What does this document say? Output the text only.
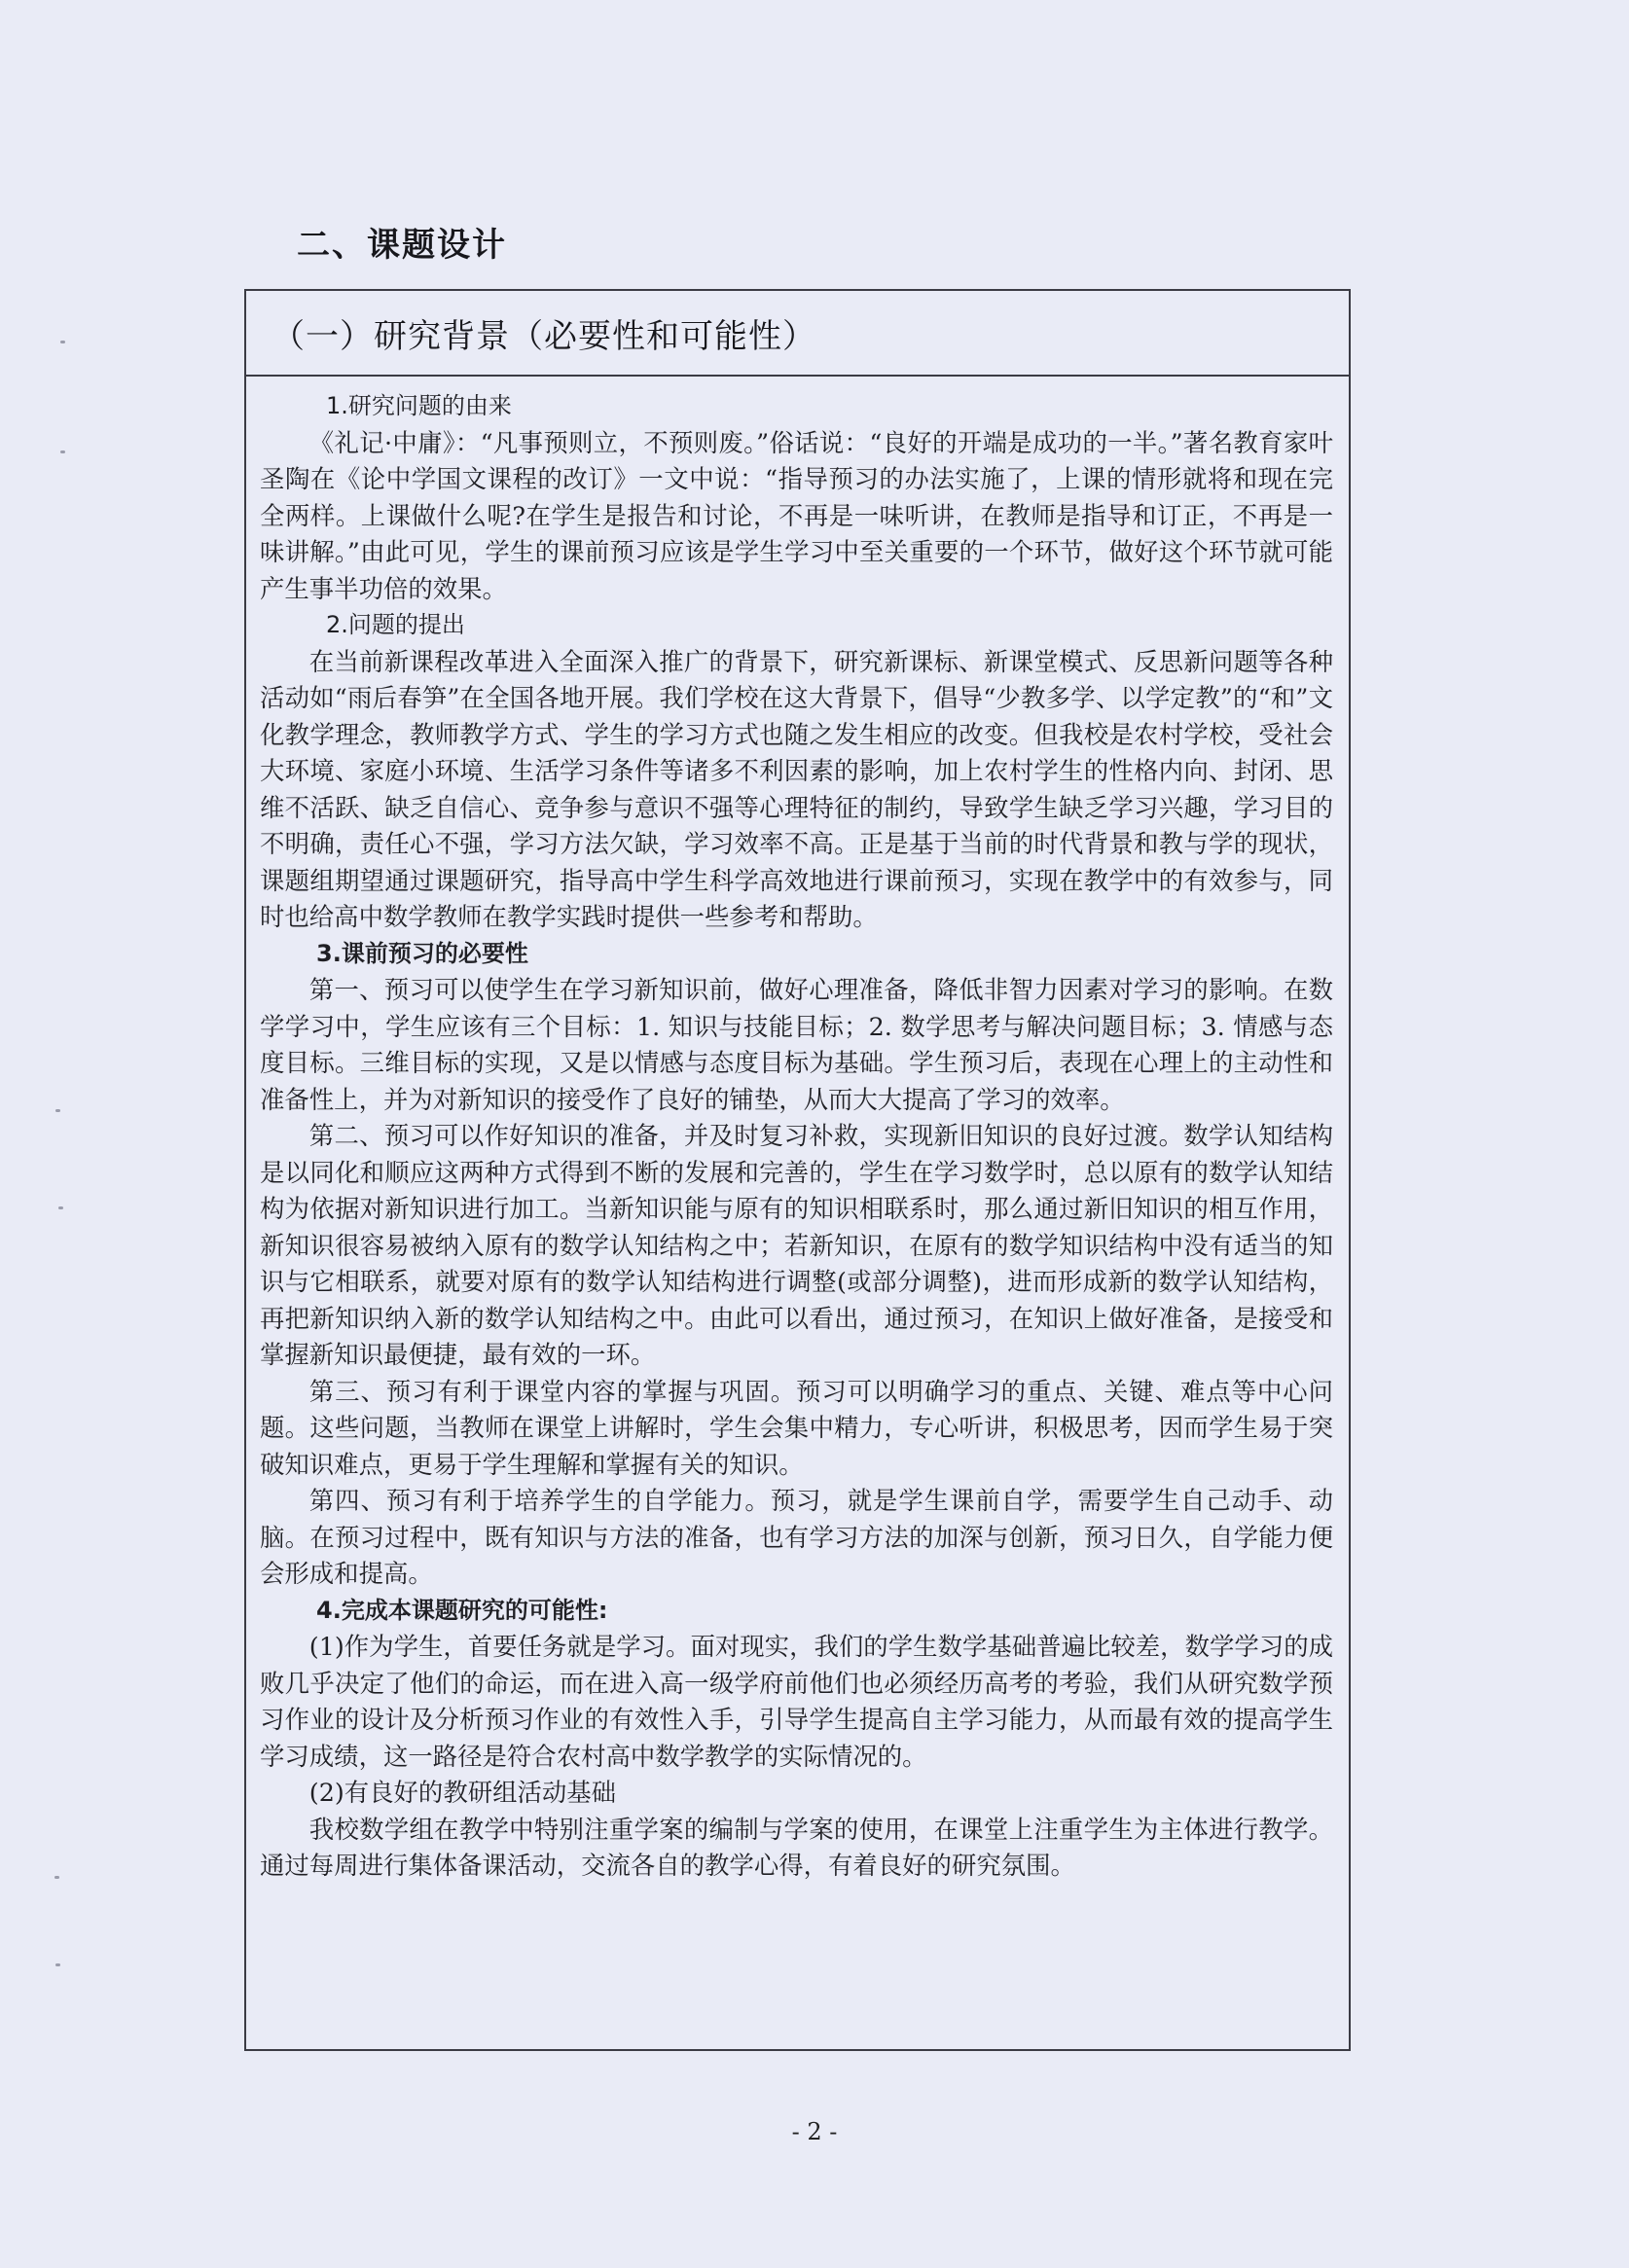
二、课题设计
（一）研究背景（必要性和可能性）

1.研究问题的由来

《礼记·中庸》：“凡事预则立，不预则废。”俗话说：“良好的开端是成功的一半。”著名教育家叶圣陶在《论中学国文课程的改订》一文中说：“指导预习的办法实施了，上课的情形就将和现在完全两样。上课做什么呢?在学生是报告和讨论，不再是一味听讲，在教师是指导和订正，不再是一味讲解。”由此可见，学生的课前预习应该是学生学习中至关重要的一个环节，做好这个环节就可能产生事半功倍的效果。

2.问题的提出

在当前新课程改革进入全面深入推广的背景下，研究新课标、新课堂模式、反思新问题等各种活动如“雨后春笋”在全国各地开展。我们学校在这大背景下，倡导“少教多学、以学定教”的“和”文化教学理念，教师教学方式、学生的学习方式也随之发生相应的改变。但我校是农村学校，受社会大环境、家庭小环境、生活学习条件等诸多不利因素的影响，加上农村学生的性格内向、封闭、思维不活跃、缺乏自信心、竞争参与意识不强等心理特征的制约，导致学生缺乏学习兴趣，学习目的不明确，责任心不强，学习方法欠缺，学习效率不高。正是基于当前的时代背景和教与学的现状，课题组期望通过课题研究，指导高中学生科学高效地进行课前预习，实现在教学中的有效参与，同时也给高中数学教师在教学实践时提供一些参考和帮助。

3.课前预习的必要性

第一、预习可以使学生在学习新知识前，做好心理准备，降低非智力因素对学习的影响。在数学学习中，学生应该有三个目标：1. 知识与技能目标；2. 数学思考与解决问题目标；3. 情感与态度目标。三维目标的实现，又是以情感与态度目标为基础。学生预习后，表现在心理上的主动性和准备性上，并为对新知识的接受作了良好的铺垫，从而大大提高了学习的效率。

第二、预习可以作好知识的准备，并及时复习补救，实现新旧知识的良好过渡。数学认知结构是以同化和顺应这两种方式得到不断的发展和完善的，学生在学习数学时，总以原有的数学认知结构为依据对新知识进行加工。当新知识能与原有的知识相联系时，那么通过新旧知识的相互作用，新知识很容易被纳入原有的数学认知结构之中；若新知识，在原有的数学知识结构中没有适当的知识与它相联系，就要对原有的数学认知结构进行调整(或部分调整)，进而形成新的数学认知结构，再把新知识纳入新的数学认知结构之中。由此可以看出，通过预习，在知识上做好准备，是接受和掌握新知识最便捷，最有效的一环。

第三、预习有利于课堂内容的掌握与巩固。预习可以明确学习的重点、关键、难点等中心问题。这些问题，当教师在课堂上讲解时，学生会集中精力，专心听讲，积极思考，因而学生易于突破知识难点，更易于学生理解和掌握有关的知识。

第四、预习有利于培养学生的自学能力。预习，就是学生课前自学，需要学生自己动手、动脑。在预习过程中，既有知识与方法的准备，也有学习方法的加深与创新，预习日久，自学能力便会形成和提高。

4.完成本课题研究的可能性:

(1)作为学生，首要任务就是学习。面对现实，我们的学生数学基础普遍比较差，数学学习的成败几乎决定了他们的命运，而在进入高一级学府前他们也必须经历高考的考验，我们从研究数学预习作业的设计及分析预习作业的有效性入手，引导学生提高自主学习能力，从而最有效的提高学生学习成绩，这一路径是符合农村高中数学教学的实际情况的。

(2)有良好的教研组活动基础

我校数学组在教学中特别注重学案的编制与学案的使用，在课堂上注重学生为主体进行教学。通过每周进行集体备课活动，交流各自的教学心得，有着良好的研究氛围。

- 2 -
